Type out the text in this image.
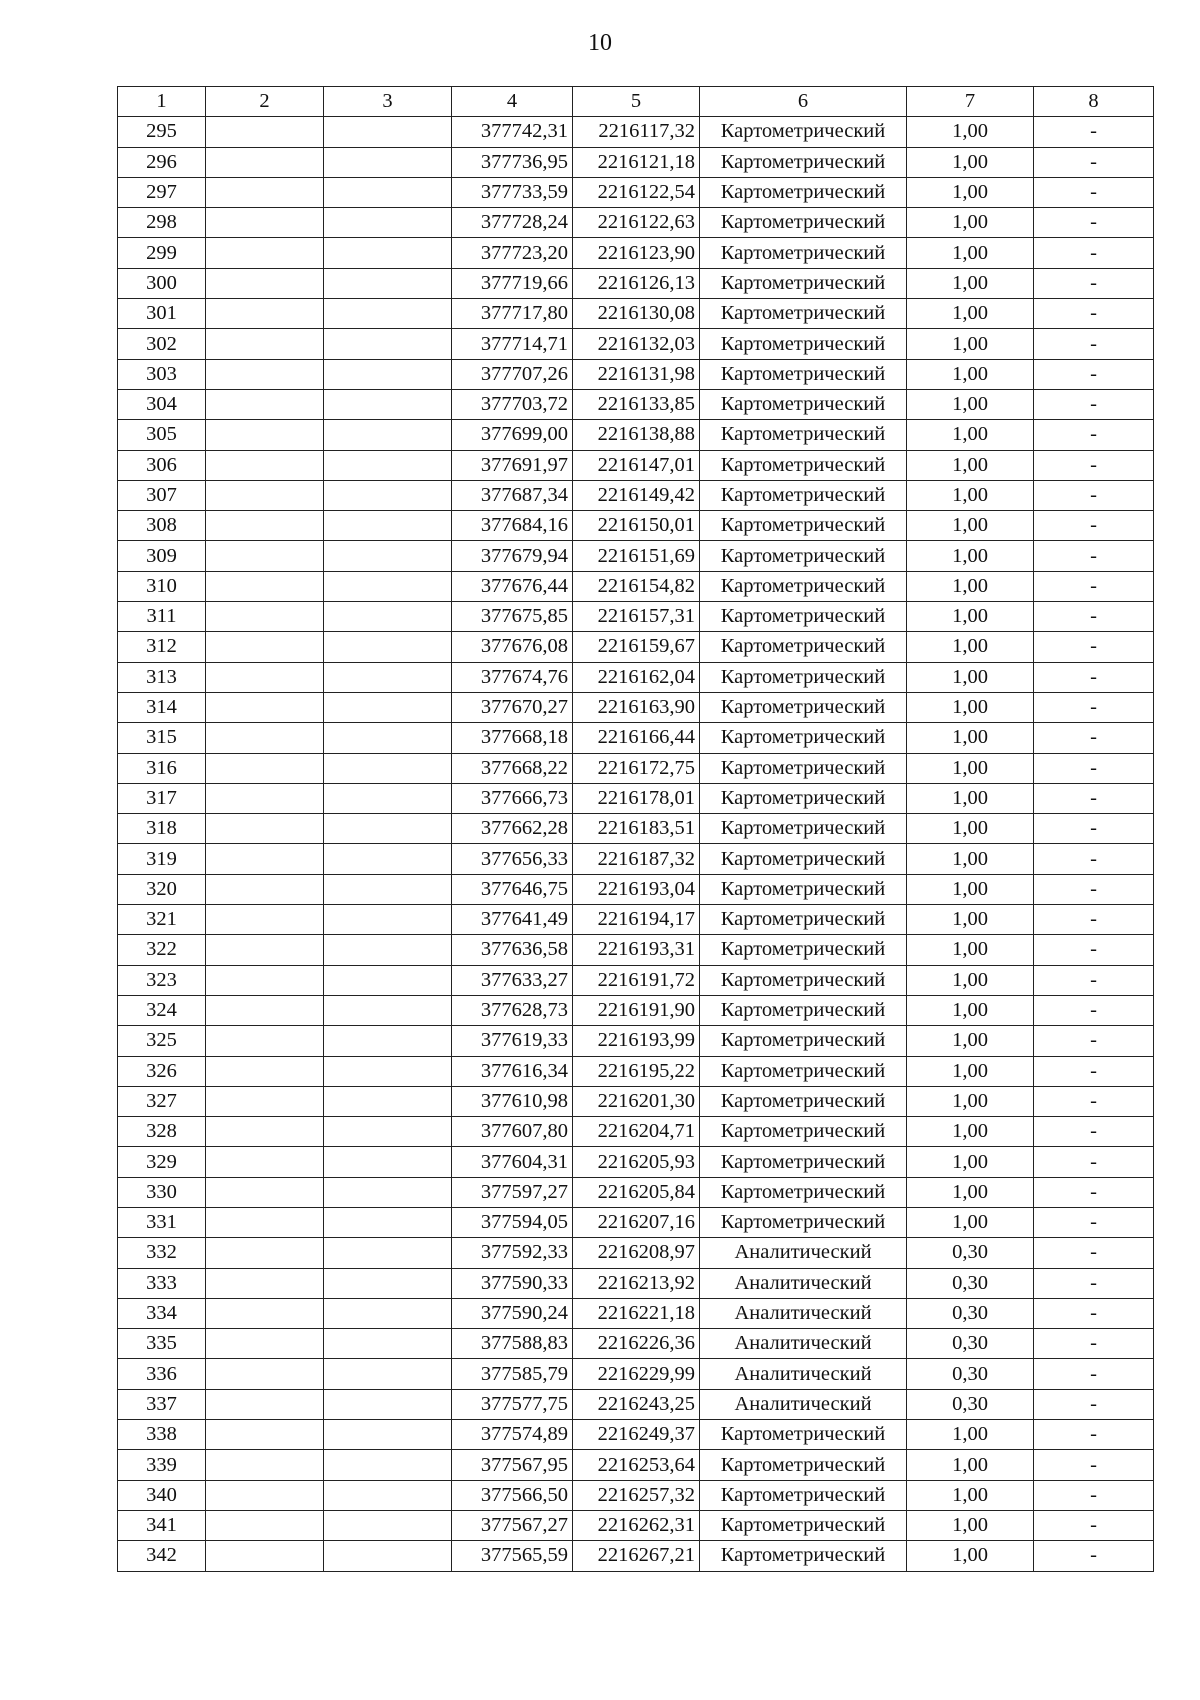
10
1	2	3	4	5	6	7	8
295			377742,31	2216117,32	Картометрический	1,00	-
296			377736,95	2216121,18	Картометрический	1,00	-
297			377733,59	2216122,54	Картометрический	1,00	-
298			377728,24	2216122,63	Картометрический	1,00	-
299			377723,20	2216123,90	Картометрический	1,00	-
300			377719,66	2216126,13	Картометрический	1,00	-
301			377717,80	2216130,08	Картометрический	1,00	-
302			377714,71	2216132,03	Картометрический	1,00	-
303			377707,26	2216131,98	Картометрический	1,00	-
304			377703,72	2216133,85	Картометрический	1,00	-
305			377699,00	2216138,88	Картометрический	1,00	-
306			377691,97	2216147,01	Картометрический	1,00	-
307			377687,34	2216149,42	Картометрический	1,00	-
308			377684,16	2216150,01	Картометрический	1,00	-
309			377679,94	2216151,69	Картометрический	1,00	-
310			377676,44	2216154,82	Картометрический	1,00	-
311			377675,85	2216157,31	Картометрический	1,00	-
312			377676,08	2216159,67	Картометрический	1,00	-
313			377674,76	2216162,04	Картометрический	1,00	-
314			377670,27	2216163,90	Картометрический	1,00	-
315			377668,18	2216166,44	Картометрический	1,00	-
316			377668,22	2216172,75	Картометрический	1,00	-
317			377666,73	2216178,01	Картометрический	1,00	-
318			377662,28	2216183,51	Картометрический	1,00	-
319			377656,33	2216187,32	Картометрический	1,00	-
320			377646,75	2216193,04	Картометрический	1,00	-
321			377641,49	2216194,17	Картометрический	1,00	-
322			377636,58	2216193,31	Картометрический	1,00	-
323			377633,27	2216191,72	Картометрический	1,00	-
324			377628,73	2216191,90	Картометрический	1,00	-
325			377619,33	2216193,99	Картометрический	1,00	-
326			377616,34	2216195,22	Картометрический	1,00	-
327			377610,98	2216201,30	Картометрический	1,00	-
328			377607,80	2216204,71	Картометрический	1,00	-
329			377604,31	2216205,93	Картометрический	1,00	-
330			377597,27	2216205,84	Картометрический	1,00	-
331			377594,05	2216207,16	Картометрический	1,00	-
332			377592,33	2216208,97	Аналитический	0,30	-
333			377590,33	2216213,92	Аналитический	0,30	-
334			377590,24	2216221,18	Аналитический	0,30	-
335			377588,83	2216226,36	Аналитический	0,30	-
336			377585,79	2216229,99	Аналитический	0,30	-
337			377577,75	2216243,25	Аналитический	0,30	-
338			377574,89	2216249,37	Картометрический	1,00	-
339			377567,95	2216253,64	Картометрический	1,00	-
340			377566,50	2216257,32	Картометрический	1,00	-
341			377567,27	2216262,31	Картометрический	1,00	-
342			377565,59	2216267,21	Картометрический	1,00	-
